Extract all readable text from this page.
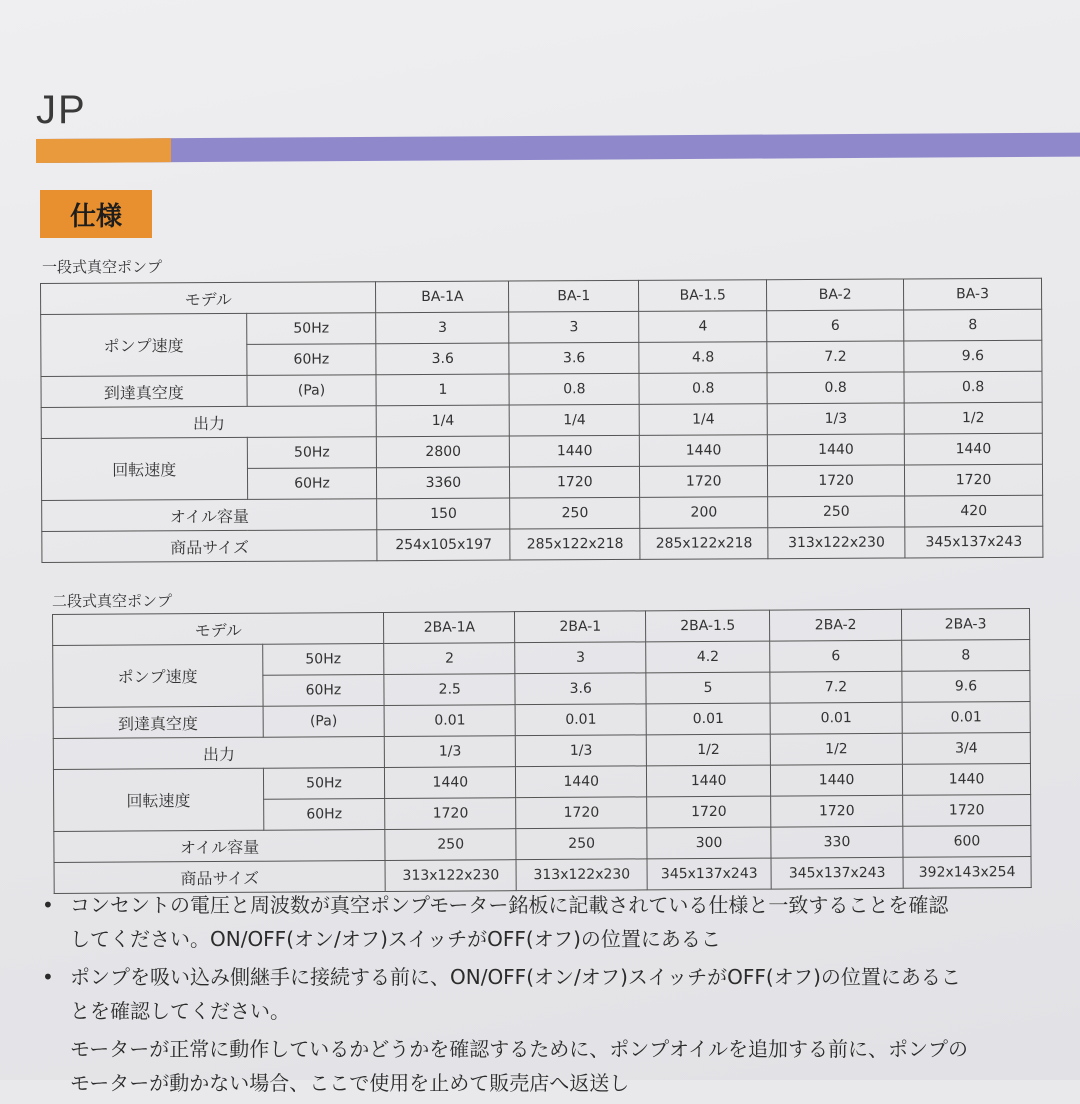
JP
仕様
一段式真空ポンプ
モデル		BA-1A	BA-1	BA-1.5	BA-2	BA-3
ポンプ速度	50Hz	3	3	4	6	8
	60Hz	3.6	3.6	4.8	7.2	9.6
到達真空度	(Pa)	1	0.8	0.8	0.8	0.8
出力		1/4	1/4	1/4	1/3	1/2
回転速度	50Hz	2800	1440	1440	1440	1440
	60Hz	3360	1720	1720	1720	1720
オイル容量		150	250	200	250	420
商品サイズ		254x105x197	285x122x218	285x122x218	313x122x230	345x137x243
二段式真空ポンプ
モデル		2BA-1A	2BA-1	2BA-1.5	2BA-2	2BA-3
ポンプ速度	50Hz	2	3	4.2	6	8
	60Hz	2.5	3.6	5	7.2	9.6
到達真空度	(Pa)	0.01	0.01	0.01	0.01	0.01
出力		1/3	1/3	1/2	1/2	3/4
回転速度	50Hz	1440	1440	1440	1440	1440
	60Hz	1720	1720	1720	1720	1720
オイル容量		250	250	300	330	600
商品サイズ		313x122x230	313x122x230	345x137x243	345x137x243	392x143x254
• コンセントの電圧と周波数が真空ポンプモーター銘板に記載されている仕様と一致することを確認
してください。ON/OFF(オン/オフ)スイッチがOFF(オフ)の位置にあるこ
• ポンプを吸い込み側継手に接続する前に、ON/OFF(オン/オフ)スイッチがOFF(オフ)の位置にあるこ
とを確認してください。
モーターが正常に動作しているかどうかを確認するために、ポンプオイルを追加する前に、ポンプの
モーターが動かない場合、ここで使用を止めて販売店へ返送し
